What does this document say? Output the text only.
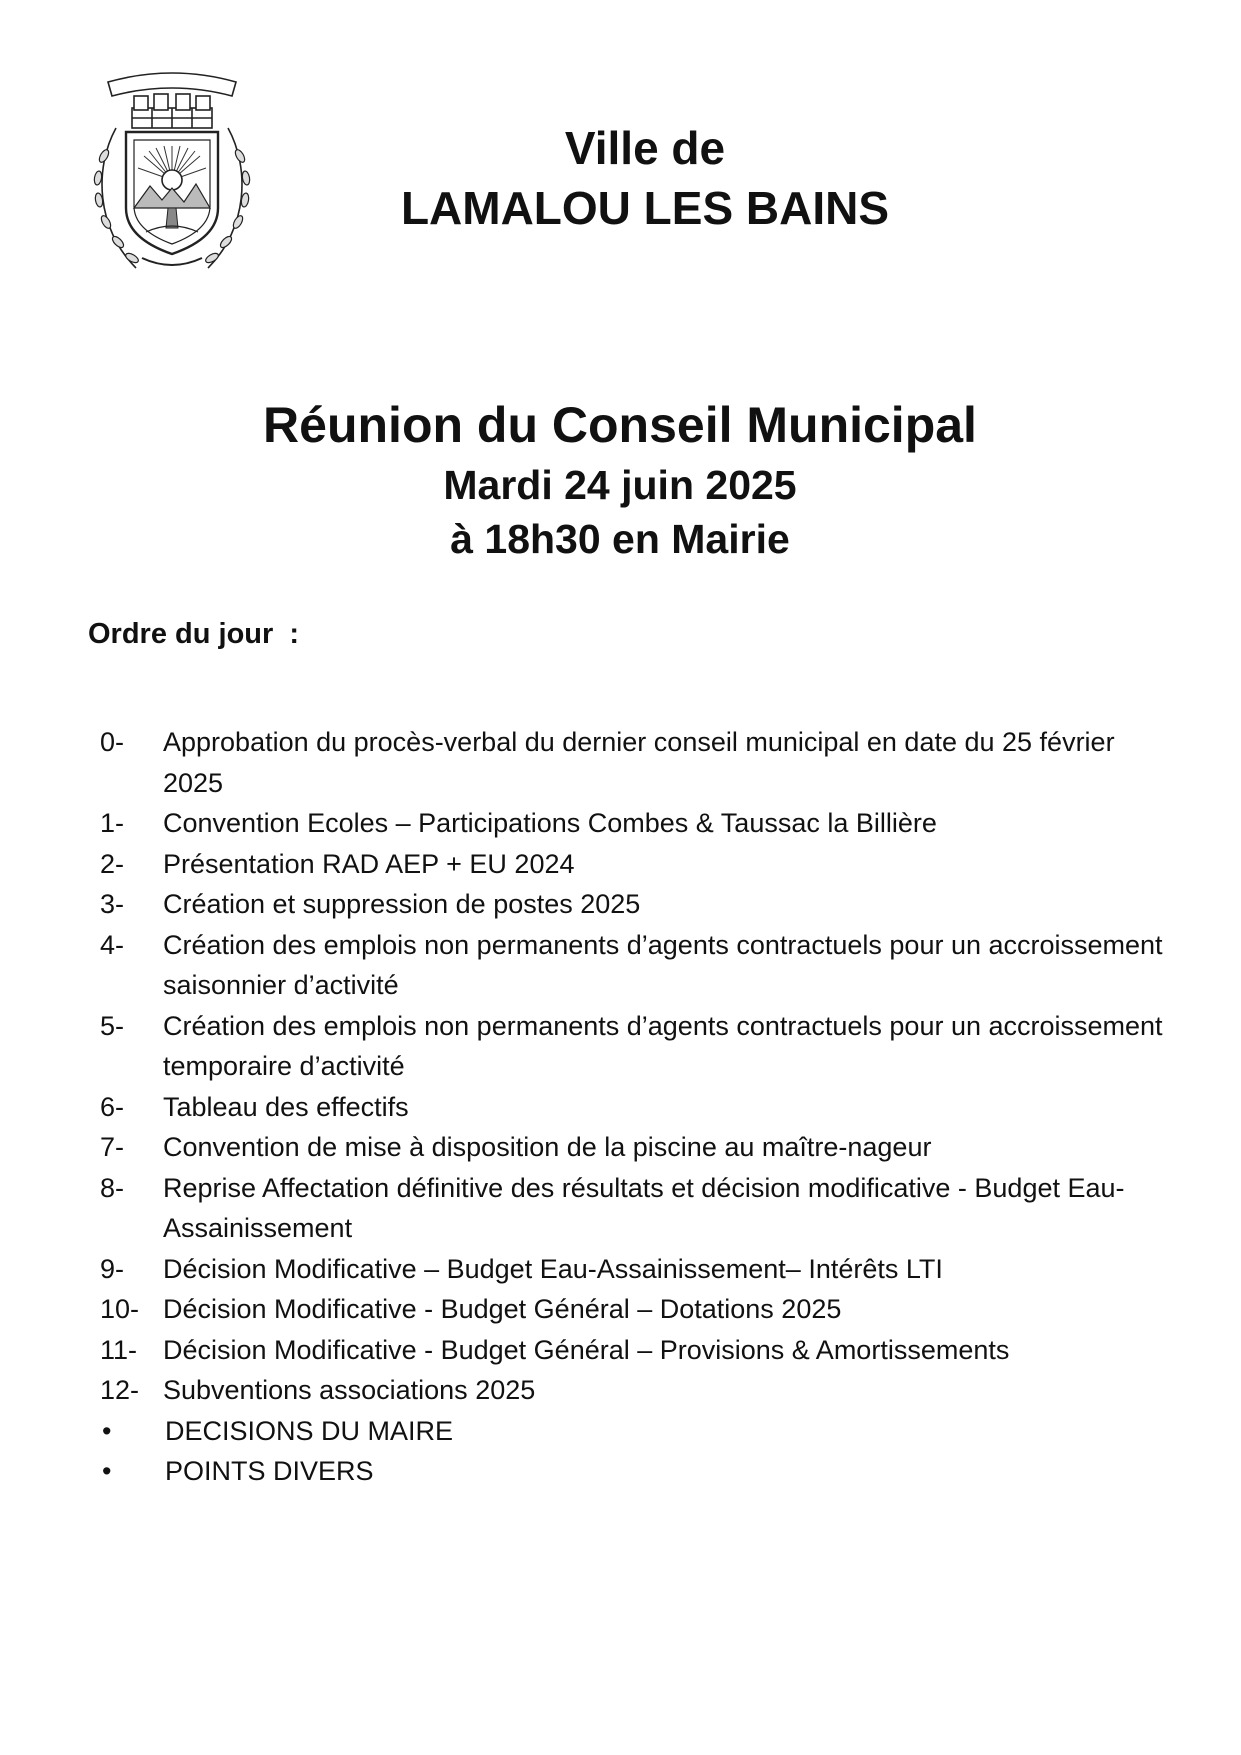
Ville de
LAMALOU LES BAINS
Réunion du Conseil Municipal
Mardi 24 juin 2025
à 18h30 en Mairie
Ordre du jour  :
0-	Approbation du procès-verbal du dernier conseil municipal en date du 25 février 2025
1-	Convention Ecoles – Participations Combes & Taussac la Billière
2-	Présentation RAD AEP + EU 2024
3-	Création et suppression de postes 2025
4-	Création des emplois non permanents d’agents contractuels pour un accroissement saisonnier d’activité
5-	Création des emplois non permanents d’agents contractuels pour un accroissement temporaire d’activité
6-	Tableau des effectifs
7-	Convention de mise à disposition de la piscine au maître-nageur
8-	Reprise Affectation définitive des résultats et décision modificative - Budget Eau-Assainissement
9-	Décision Modificative – Budget Eau-Assainissement– Intérêts LTI
10- Décision Modificative - Budget Général – Dotations 2025
11- Décision Modificative - Budget Général – Provisions & Amortissements
12- Subventions associations 2025
•	DECISIONS DU MAIRE
•	POINTS DIVERS
